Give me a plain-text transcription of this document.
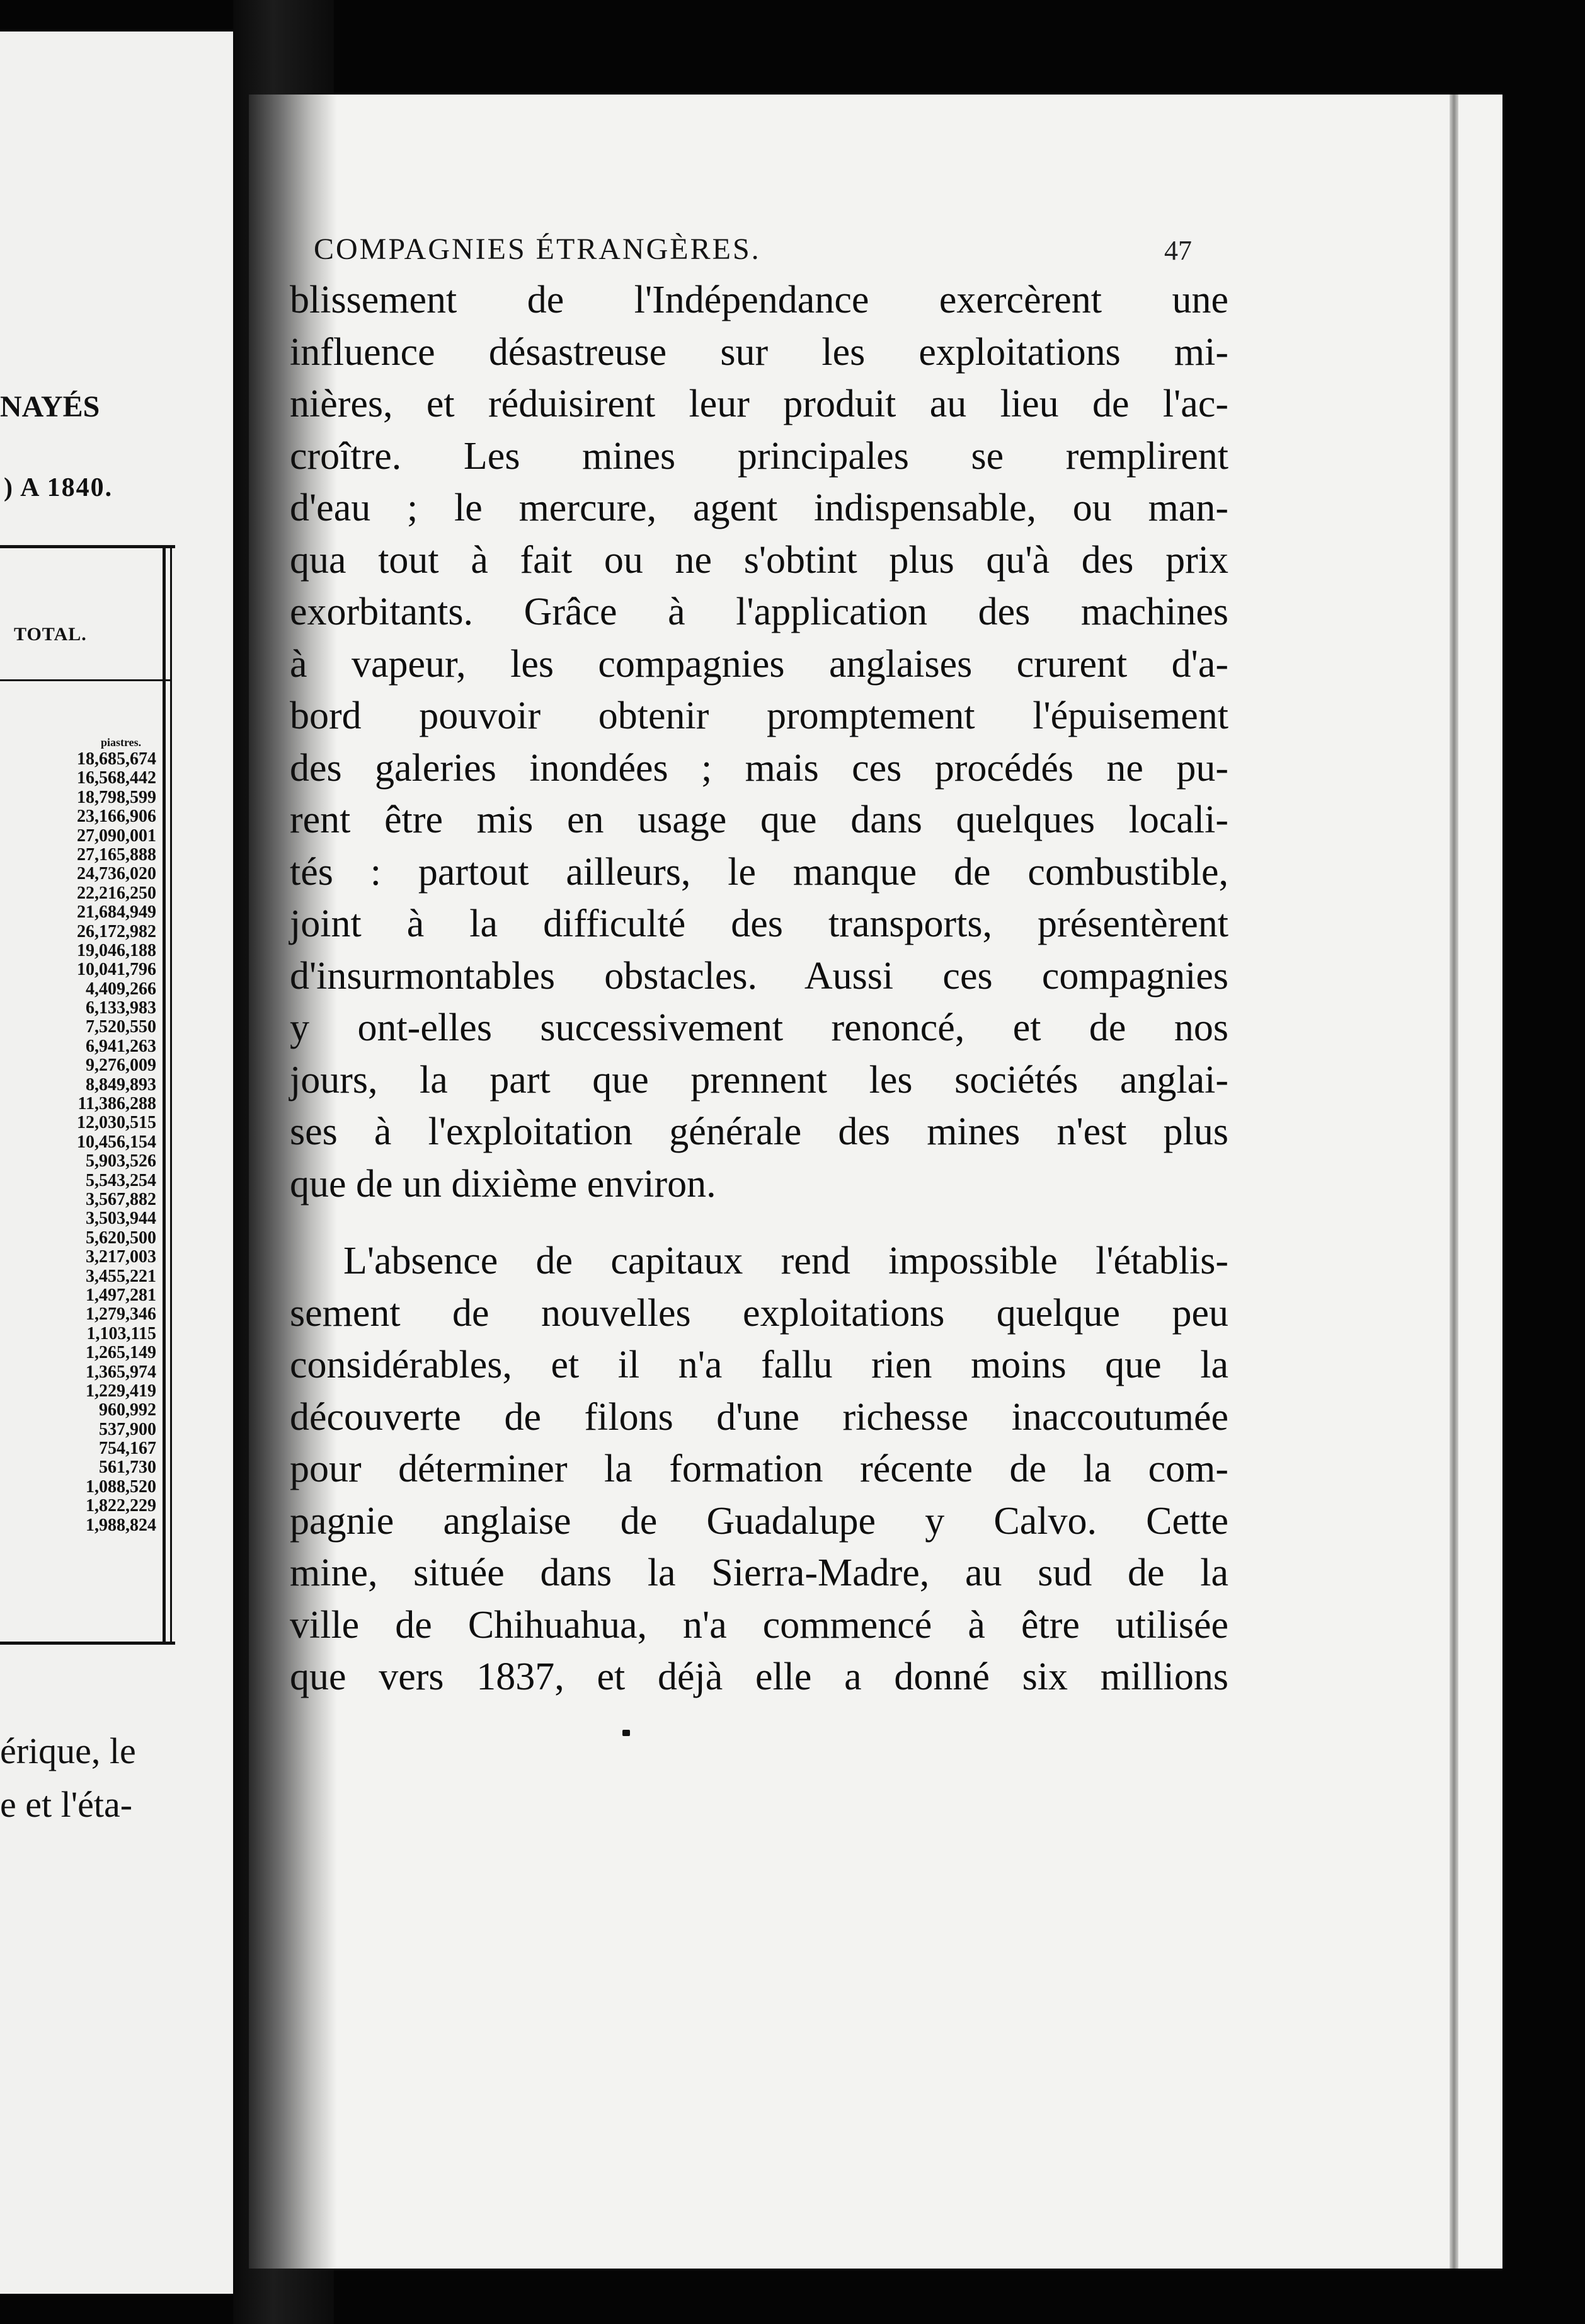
NAYÉS
) A 1840.
TOTAL.
piastres.
18,685,674
16,568,442
18,798,599
23,166,906
27,090,001
27,165,888
24,736,020
22,216,250
21,684,949
26,172,982
19,046,188
10,041,796
4,409,266
6,133,983
7,520,550
6,941,263
9,276,009
8,849,893
11,386,288
12,030,515
10,456,154
5,903,526
5,543,254
3,567,882
3,503,944
5,620,500
3,217,003
3,455,221
1,497,281
1,279,346
1,103,115
1,265,149
1,365,974
1,229,419
960,992
537,900
754,167
561,730
1,088,520
1,822,229
1,988,824
érique, le
e et l'éta-
COMPAGNIES ÉTRANGÈRES.	47
blissement de l'Indépendance exercèrent une
influence désastreuse sur les exploitations mi-
nières, et réduisirent leur produit au lieu de l'ac-
croître. Les mines principales se remplirent
d'eau ; le mercure, agent indispensable, ou man-
qua tout à fait ou ne s'obtint plus qu'à des prix
exorbitants. Grâce à l'application des machines
à vapeur, les compagnies anglaises crurent d'a-
bord pouvoir obtenir promptement l'épuisement
des galeries inondées ; mais ces procédés ne pu-
rent être mis en usage que dans quelques locali-
tés : partout ailleurs, le manque de combustible,
joint à la difficulté des transports, présentèrent
d'insurmontables obstacles. Aussi ces compagnies
y ont-elles successivement renoncé, et de nos
jours, la part que prennent les sociétés anglai-
ses à l'exploitation générale des mines n'est plus
que de un dixième environ.
L'absence de capitaux rend impossible l'établis-
sement de nouvelles exploitations quelque peu
considérables, et il n'a fallu rien moins que la
découverte de filons d'une richesse inaccoutumée
pour déterminer la formation récente de la com-
pagnie anglaise de Guadalupe y Calvo. Cette
mine, située dans la Sierra-Madre, au sud de la
ville de Chihuahua, n'a commencé à être utilisée
que vers 1837, et déjà elle a donné six millions
